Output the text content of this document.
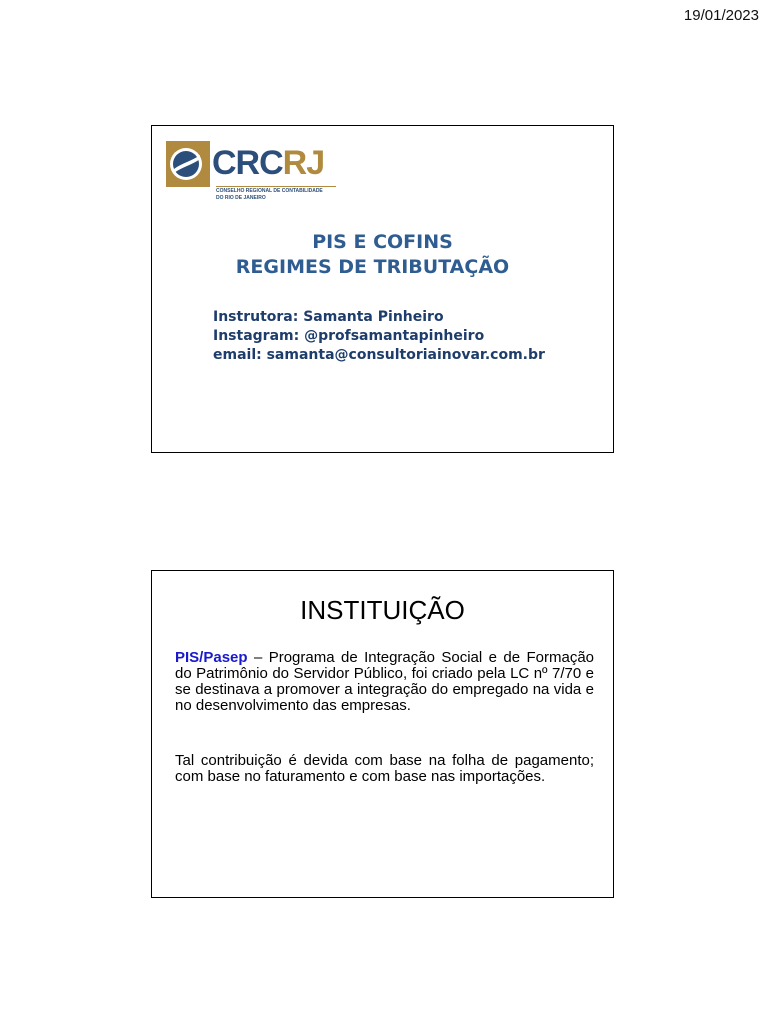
19/01/2023
CRCRJ
CONSELHO REGIONAL DE CONTABILIDADE
DO RIO DE JANEIRO
PIS E COFINS
REGIMES DE TRIBUTAÇÃO
Instrutora: Samanta Pinheiro
Instagram: @profsamantapinheiro
email: samanta@consultoriainovar.com.br
INSTITUIÇÃO
PIS/Pasep – Programa de Integração Social e de Formação do Patrimônio do Servidor Público, foi criado pela LC nº 7/70 e se destinava a promover a integração do empregado na vida e no desenvolvimento das empresas.
Tal contribuição é devida com base na folha de pagamento; com base no faturamento e com base nas importações.
